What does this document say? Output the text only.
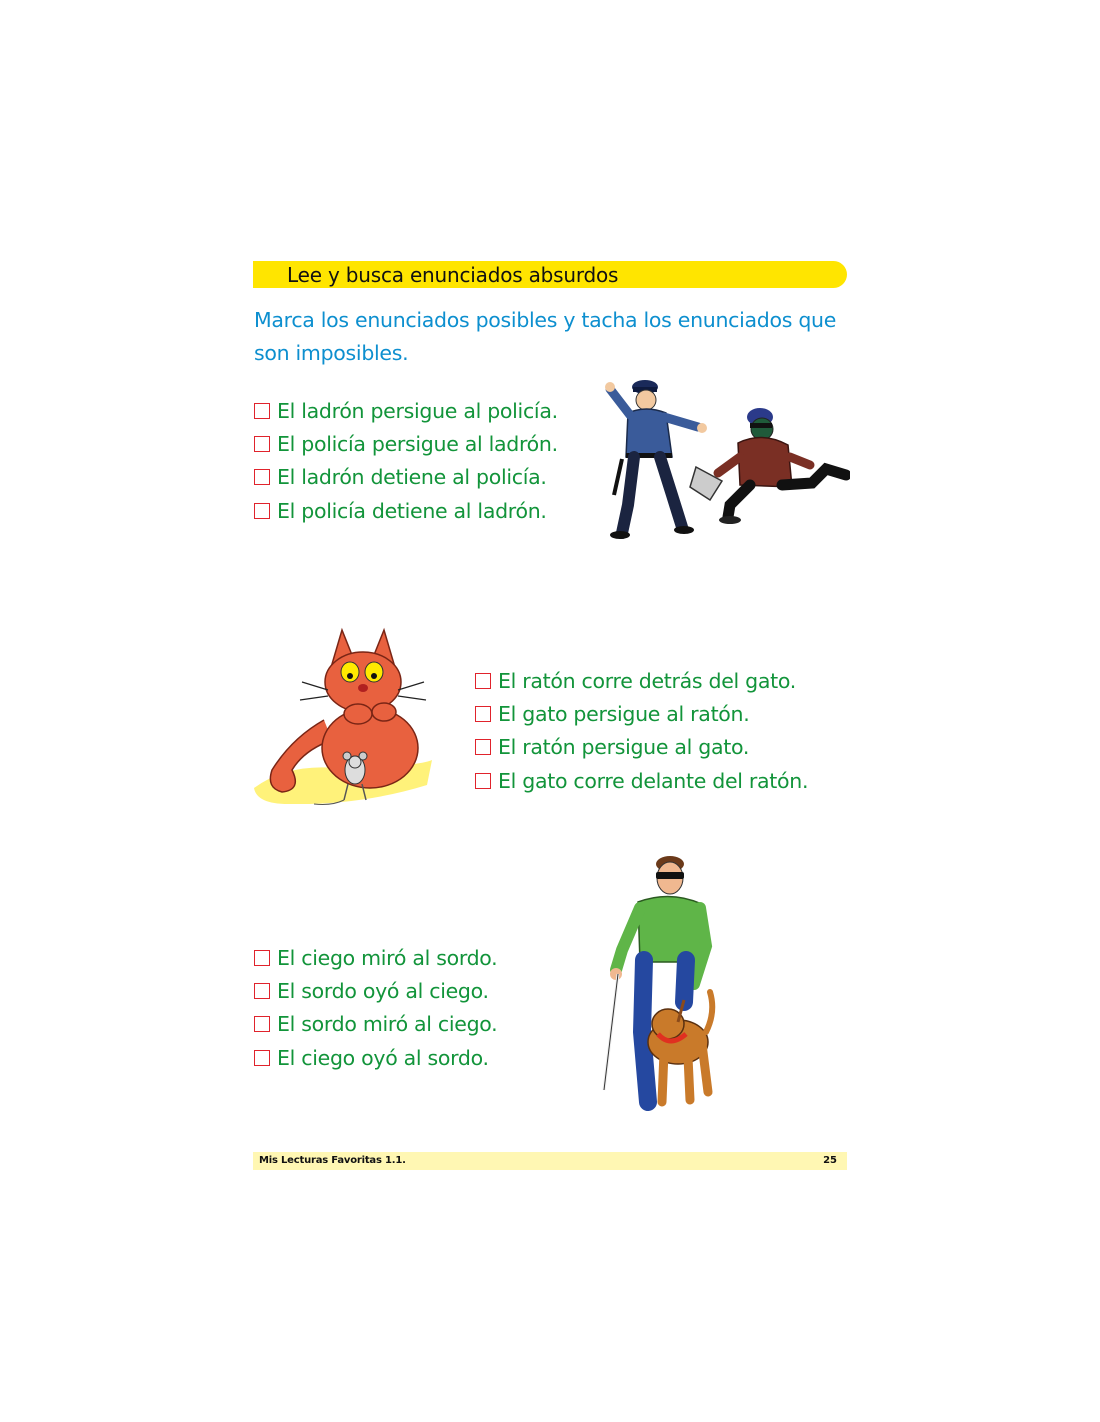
Lee y busca enunciados absurdos
Marca los enunciados posibles y tacha los enunciados que son imposibles.
El ladrón persigue al policía.
El policía persigue al ladrón.
El ladrón detiene al policía.
El policía detiene al ladrón.
El ratón corre detrás del gato.
El gato persigue al ratón.
El ratón persigue al gato.
El gato corre delante del ratón.
El ciego miró al sordo.
El sordo oyó al ciego.
El sordo miró al ciego.
El ciego oyó al sordo.
Mis Lecturas Favoritas 1.1.	25
